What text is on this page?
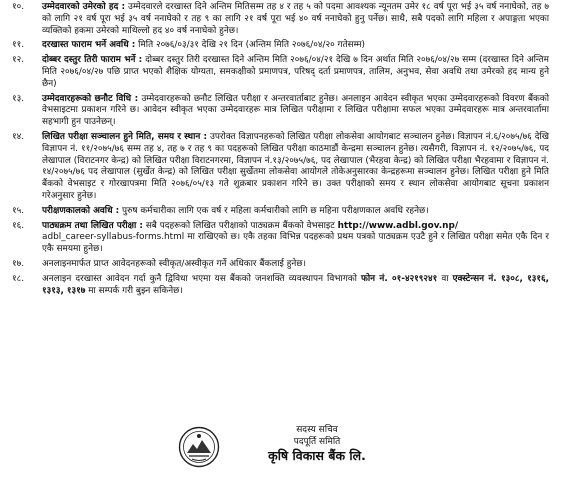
१०.	उम्मेदवारको उमेरको हद : उम्मेदवारले दरखास्त दिने अन्तिम मितिसम्म तह ४ र तह ५ को पदमा आवश्यक न्यूनतम उमेर १८ वर्ष पूरा भई ३५ वर्ष ननाघेको, तह ७ को लागि २१ वर्ष पूरा भई ३५ वर्ष ननाघेको र तह ९ का लागि २१ वर्ष पूरा भई ४० वर्ष ननाघेको हुनु पर्नेछ। साथै, सबै पदको लागि महिला र अपाङ्गता भएका व्यक्तिको हकमा उमेरको माथिल्लो हद ४० वर्ष ननाघेको हुनेछ।
११.	दरखास्त फाराम भर्ने अवधि : मिति २०७६/०३/३१ देखि २१ दिन (अन्तिम मिति २०७६/०४/२० गतेसम्म)
१२.	दोब्बर दस्तुर तिरी फाराम भर्ने : दोब्बर दस्तुर तिरी दरखास्त दिने अन्तिम मिति २०७६/०४/२१ देखि ७ दिन अर्थात मिति २०७६/०४/२७ सम्म (दरखास्त दिने अन्तिम मिति २०७६/०४/२७ पछि प्राप्त भएको शैक्षिक योग्यता, समकक्षीको प्रमाणपत्र, परिषद् दर्ता प्रमाणपत्र, तालिम, अनुभव, सेवा अवधि तथा उमेरको हद मान्य हुने छैन)
१३.	उम्मेदवारहरूको छनौट विधि : उम्मेदवारहरूको छनौट लिखित परीक्षा र अन्तरवार्ताबाट हुनेछ। अनलाइन आवेदन स्वीकृत भएका उम्मेदवारहरूको विवरण बैंकको वेभसाइटमा प्रकाशन गरिने छ। आवेदन स्वीकृत भएका उम्मेदवारहरू मात्र लिखित परीक्षामा र लिखित परीक्षामा सफल भएका उम्मेदवारहरू मात्र अन्तरवार्तामा सहभागी हुन पाउनेछन्।
१४.	लिखित परीक्षा सञ्चालन हुने मिति, समय र स्थान : उपरोक्त विज्ञापनहरूको लिखित परीक्षा लोकसेवा आयोगबाट सञ्चालन हुनेछ। विज्ञापन नं.६/२०७५/७६ देखि विज्ञापन नं. ११/२०७५/७६ सम्म तह ४, तह ७ र तह ९ का पदहरूको लिखित परीक्षा काठमाडौं केन्द्रमा सञ्चालन हुनेछ। त्यसैगरी, विज्ञापन नं. १२/२०७५/७६, पद लेखापाल (विराटनगर केन्द्र) को लिखित परीक्षा विराटनगरमा, विज्ञापन नं.१३/२०७५/७६, पद लेखापाल (भैरहवा केन्द्र) को लिखित परीक्षा भैरहवामा र विज्ञापन नं. १४/२०७५/७६ पद लेखापाल (सुर्खेत केन्द्र) को लिखित परीक्षा सुर्खेतमा लोकसेवा आयोगले तोकेअनुसारका केन्द्रहरूमा सञ्चालन हुनेछ। लिखित परीक्षा हुने मिति बैंकको वेभसाइट र गोरखापत्रमा मिति २०७६/०५/१३ गते शुक्रबार प्रकाशन गरिने छ। उक्त परीक्षाको समय र स्थान लोकसेवा आयोगबाट सूचना प्रकाशन गरेअनुसार हुनेछ।
१५.	परीक्षणकालको अवधि : पुरुष कर्मचारीका लागि एक वर्ष र महिला कर्मचारीको लागि छ महिना परीक्षणकाल अवधि रहनेछ।
१६.	पाठ्यक्रम तथा लिखित परीक्षा : सबै पदहरूको लिखित परीक्षाको पाठ्यक्रम बैंकको वेभसाइट http://www.adbl.gov.np/
adbl_career-syllabus-forms.html मा राखिएको छ। एकै तहका विभिन्न पदहरूको प्रथम पत्रको पाठ्यक्रम एउटै हुने र लिखित परीक्षा समेत एकै दिन र एकै समयमा हुनेछ।
१७.	अनलाइनमार्फत प्राप्त आवेदनहरूको स्वीकृत/अस्वीकृत गर्ने अधिकार बैंकलाई हुनेछ।
१८.	अनलाइन दरखास्त आवेदन गर्दा कुनै द्विविधा भएमा यस बैंकको जनशक्ति व्यवस्थापन विभागको फोन नं. ०१-४२१९२४१ वा एक्स्टेन्सन नं. १३०८, १३१६, १३१३, १३१७ मा सम्पर्क गरी बुझ्न सकिनेछ।
सदस्य सचिव
पदपूर्ति समिति
कृषि विकास बैंक लि.
